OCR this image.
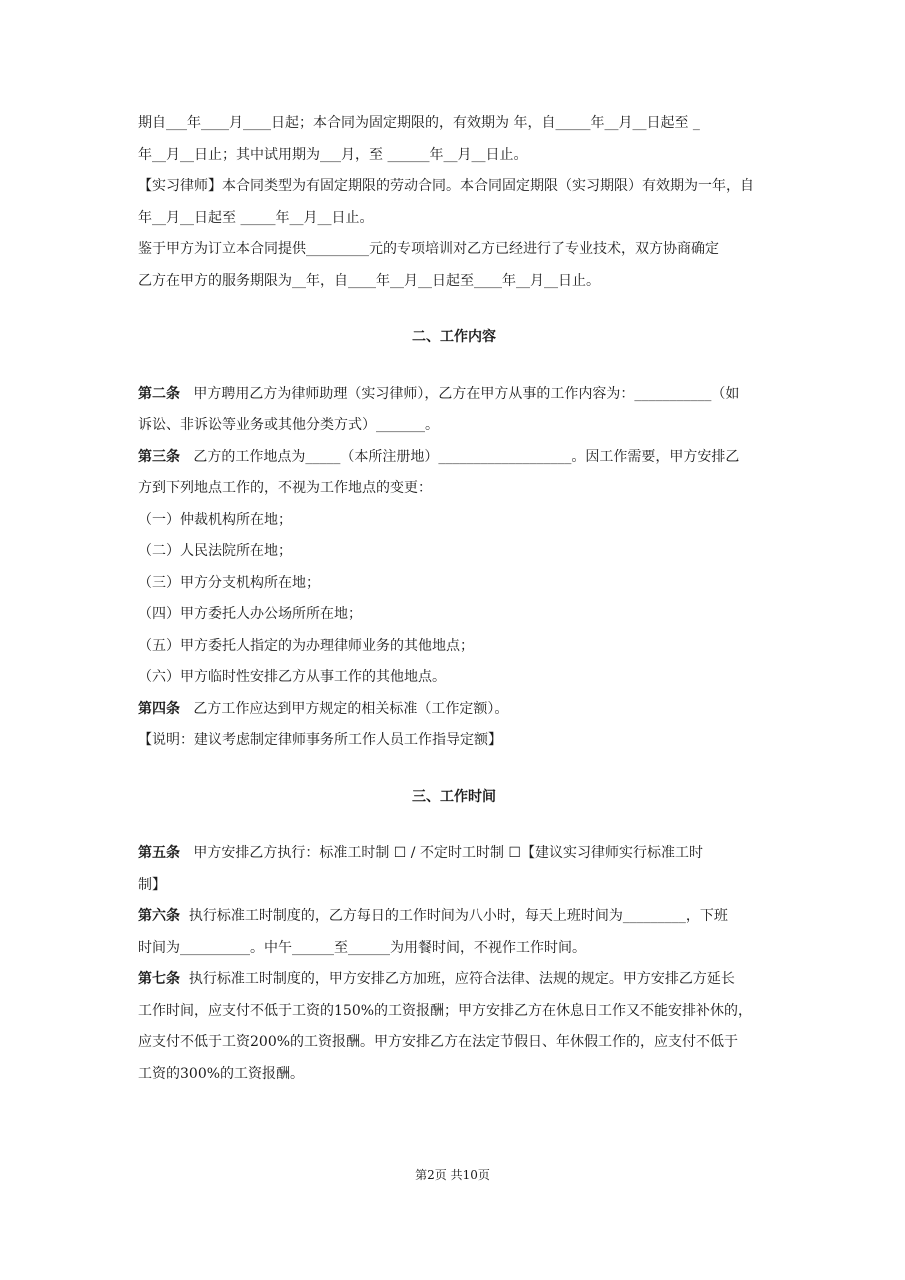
期自___年____月____日起；本合同为固定期限的，有效期为 年，自_____年__月__日起至 _
年__月__日止；其中试用期为___月，至 ______年__月__日止。
【实习律师】本合同类型为有固定期限的劳动合同。本合同固定期限（实习期限）有效期为一年，自
年__月__日起至 _____年__月__日止。
鉴于甲方为订立本合同提供_________元的专项培训对乙方已经进行了专业技术，双方协商确定
乙方在甲方的服务期限为__年，自____年__月__日起至____年__月__日止。
二、工作内容
第二条 甲方聘用乙方为律师助理（实习律师），乙方在甲方从事的工作内容为：___________（如
诉讼、非诉讼等业务或其他分类方式）_______。
第三条 乙方的工作地点为_____（本所注册地）___________________。因工作需要，甲方安排乙
方到下列地点工作的，不视为工作地点的变更：
（一）仲裁机构所在地；
（二）人民法院所在地；
（三）甲方分支机构所在地；
（四）甲方委托人办公场所所在地；
（五）甲方委托人指定的为办理律师业务的其他地点；
（六）甲方临时性安排乙方从事工作的其他地点。
第四条 乙方工作应达到甲方规定的相关标准（工作定额）。
【说明：建议考虑制定律师事务所工作人员工作指导定额】
三、工作时间
第五条 甲方安排乙方执行：标准工时制 ☐ / 不定时工时制 ☐【建议实习律师实行标准工时
制】
第六条 执行标准工时制度的，乙方每日的工作时间为八小时，每天上班时间为_________，下班
时间为__________。中午______至______为用餐时间，不视作工作时间。
第七条 执行标准工时制度的，甲方安排乙方加班，应符合法律、法规的规定。甲方安排乙方延长
工作时间，应支付不低于工资的150%的工资报酬；甲方安排乙方在休息日工作又不能安排补休的，
应支付不低于工资200%的工资报酬。甲方安排乙方在法定节假日、年休假工作的，应支付不低于
工资的300%的工资报酬。
第2页 共10页
